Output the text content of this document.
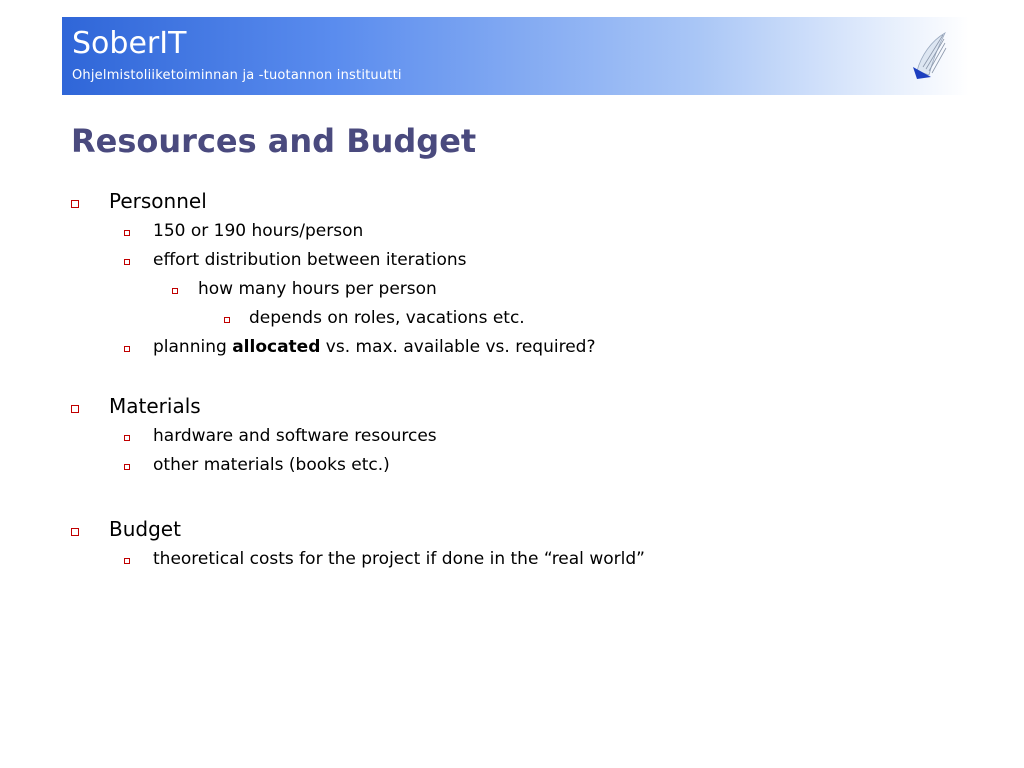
SoberIT
Ohjelmistoliiketoiminnan ja -tuotannon instituutti
Resources and Budget
Personnel
150 or 190 hours/person
effort distribution between iterations
how many hours per person
depends on roles, vacations etc.
planning allocated vs. max. available vs. required?
Materials
hardware and software resources
other materials (books etc.)
Budget
theoretical costs for the project if done in the “real world”
